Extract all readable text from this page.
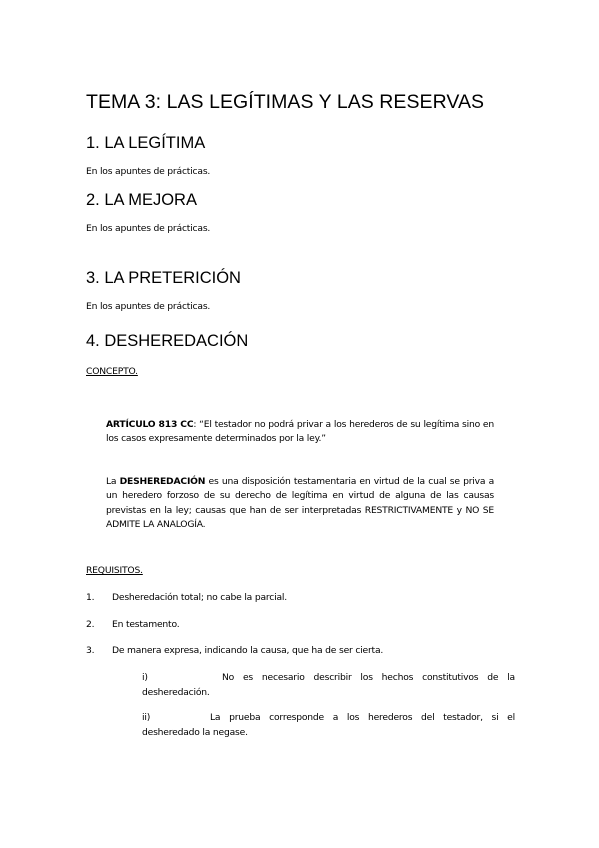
TEMA 3: LAS LEGÍTIMAS Y LAS RESERVAS
1. LA LEGÍTIMA

En los apuntes de prácticas.

2. LA MEJORA

En los apuntes de prácticas.

3. LA PRETERICIÓN

En los apuntes de prácticas.

4. DESHEREDACIÓN

CONCEPTO.

ARTÍCULO 813 CC: “El testador no podrá privar a los herederos de su legítima sino en los casos expresamente determinados por la ley.”

La DESHEREDACIÓN es una disposición testamentaria en virtud de la cual se priva a un heredero forzoso de su derecho de legítima en virtud de alguna de las causas previstas en la ley; causas que han de ser interpretadas RESTRICTIVAMENTE y NO SE ADMITE LA ANALOGÍA.

REQUISITOS.

1. Desheredación total; no cabe la parcial.
2. En testamento.
3. De manera expresa, indicando la causa, que ha de ser cierta.

i)	No es necesario describir los hechos constitutivos de la desheredación.

ii)	La prueba corresponde a los herederos del testador, si el desheredado la negase.
